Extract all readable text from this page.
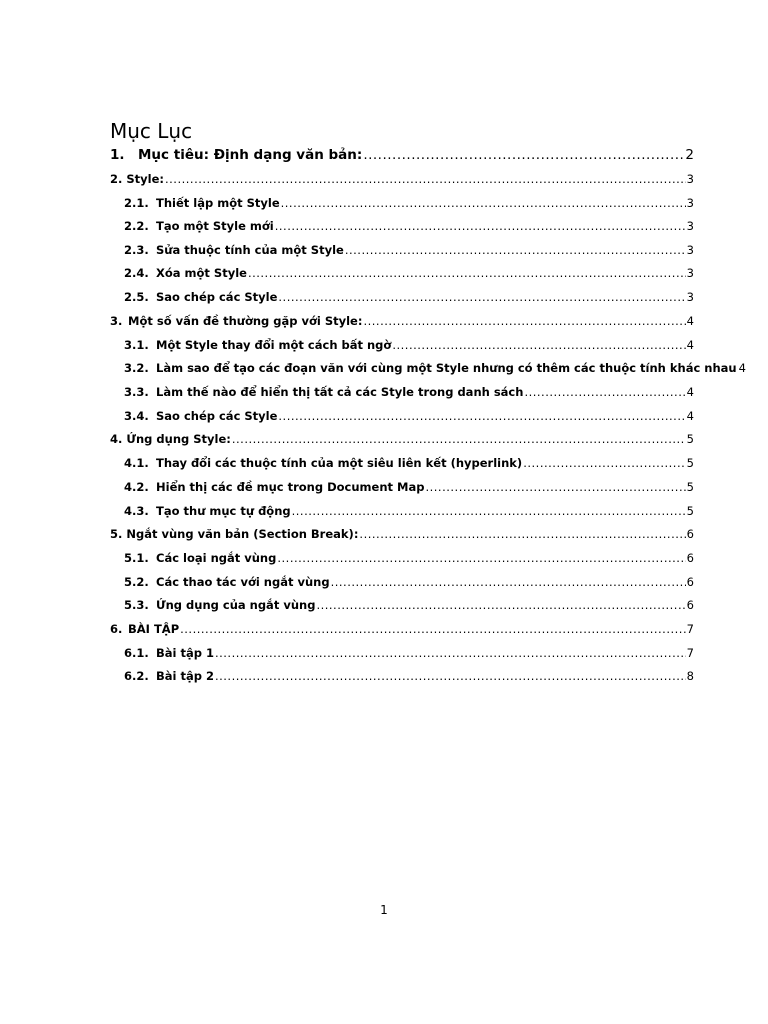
Mục Lục
1. Mục tiêu: Định dạng văn bản: .....	2
2. Style: .....	3
2.1. Thiết lập một Style .....	3
2.2. Tạo một Style mới .....	3
2.3. Sửa thuộc tính của một Style .....	3
2.4. Xóa một Style .....	3
2.5. Sao chép các Style .....	3
3. Một số vấn đề thường gặp với Style: .....	4
3.1. Một Style thay đổi một cách bất ngờ .....	4
3.2. Làm sao để tạo các đoạn văn với cùng một Style nhưng có thêm các thuộc tính khác nhau 4
3.3. Làm thế nào để hiển thị tất cả các Style trong danh sách .....	4
3.4. Sao chép các Style .....	4
4. Ứng dụng Style: .....	5
4.1. Thay đổi các thuộc tính của một siêu liên kết (hyperlink) .....	5
4.2. Hiển thị các đề mục trong Document Map .....	5
4.3. Tạo thư mục tự động .....	5
5. Ngắt vùng văn bản (Section Break): .....	6
5.1. Các loại ngắt vùng .....	6
5.2. Các thao tác với ngắt vùng .....	6
5.3. Ứng dụng của ngắt vùng .....	6
6. BÀI TẬP .....	7
6.1. Bài tập 1 .....	7
6.2. Bài tập 2 .....	8
1
